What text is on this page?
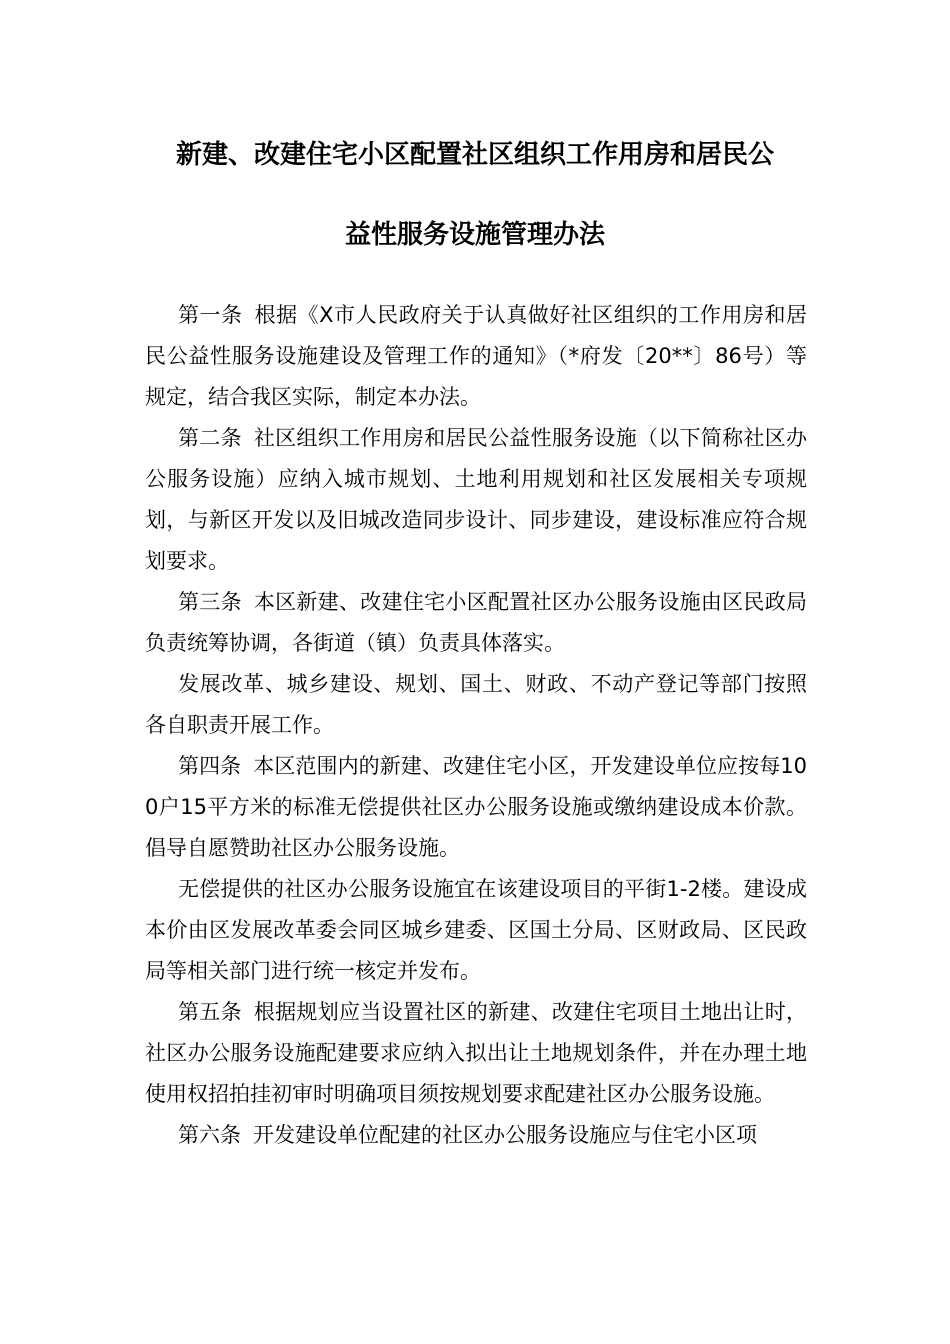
新建、改建住宅小区配置社区组织工作用房和居民公
益性服务设施管理办法

第一条 根据《X市人民政府关于认真做好社区组织的工作用房和居民公益性服务设施建设及管理工作的通知》（*府发〔20**〕86号）等规定，结合我区实际，制定本办法。

第二条 社区组织工作用房和居民公益性服务设施（以下简称社区办公服务设施）应纳入城市规划、土地利用规划和社区发展相关专项规划，与新区开发以及旧城改造同步设计、同步建设，建设标准应符合规划要求。

第三条 本区新建、改建住宅小区配置社区办公服务设施由区民政局负责统筹协调，各街道（镇）负责具体落实。

发展改革、城乡建设、规划、国土、财政、不动产登记等部门按照各自职责开展工作。

第四条 本区范围内的新建、改建住宅小区，开发建设单位应按每100户15平方米的标准无偿提供社区办公服务设施或缴纳建设成本价款。倡导自愿赞助社区办公服务设施。

无偿提供的社区办公服务设施宜在该建设项目的平街1-2楼。建设成本价由区发展改革委会同区城乡建委、区国土分局、区财政局、区民政局等相关部门进行统一核定并发布。

第五条 根据规划应当设置社区的新建、改建住宅项目土地出让时，社区办公服务设施配建要求应纳入拟出让土地规划条件，并在办理土地使用权招拍挂初审时明确项目须按规划要求配建社区办公服务设施。

第六条 开发建设单位配建的社区办公服务设施应与住宅小区项
